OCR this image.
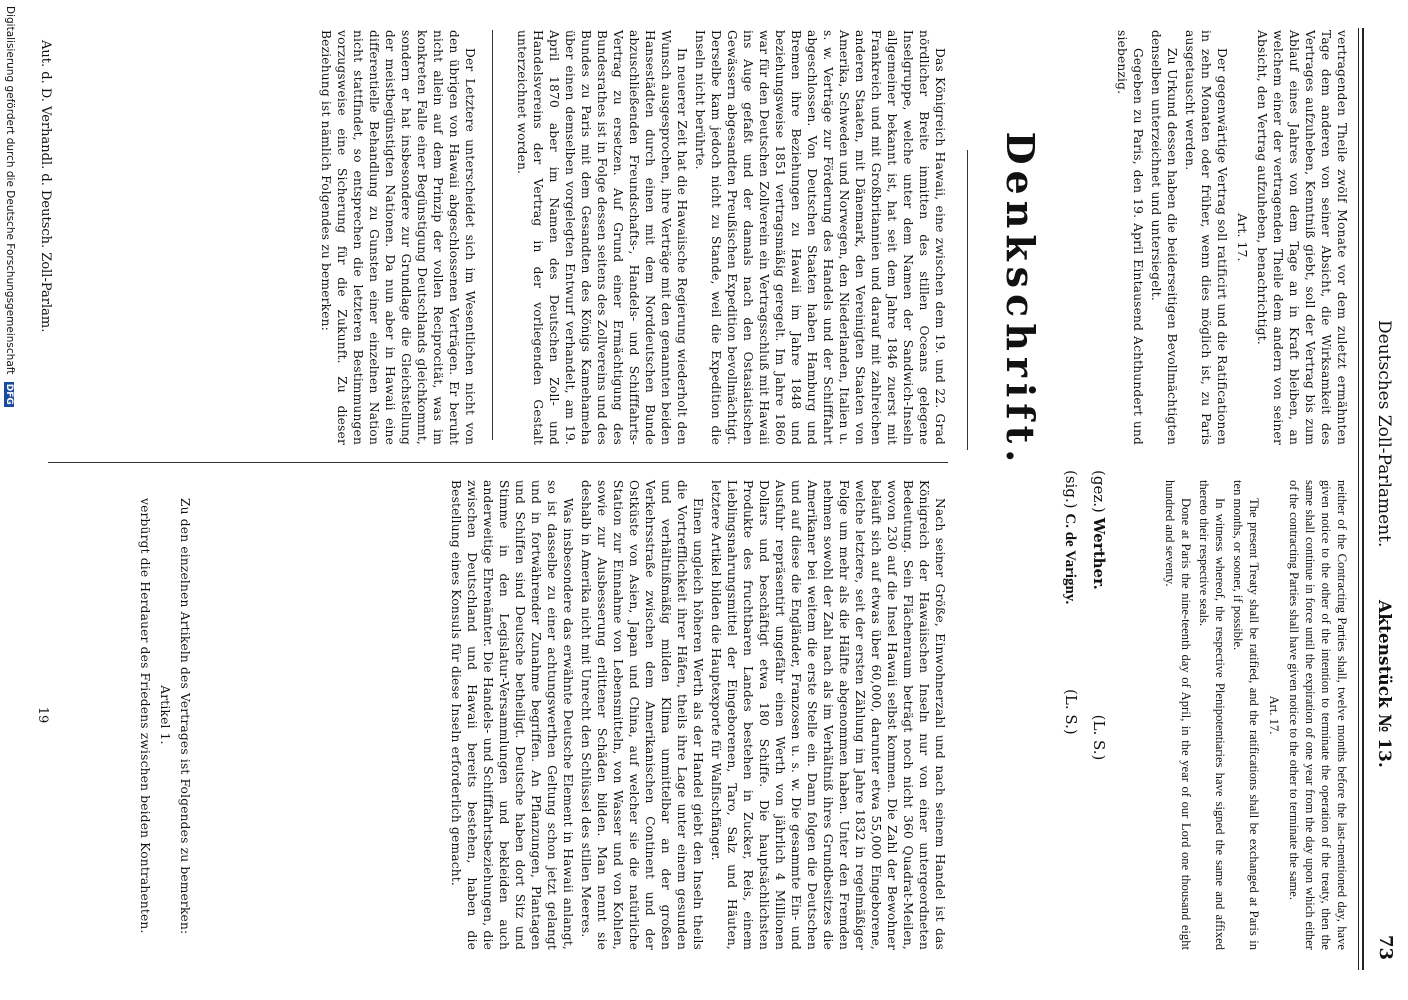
Deutsches Zoll-Parlament.
Aktenstück № 13.
73

vertragenden Theile zwölf Monate vor dem zuletzt ermähnten Tage dem anderen von seiner Absicht, die Wirksamkeit des Vertrages aufzuheben, Kenntniß giebt, soll der Vertrag bis zum Ablauf eines Jahres von dem Tage an in Kraft bleiben, an welchem einer der vertragenden Theile dem andern von seiner Absicht, den Vertrag aufzuheben, benachrichtigt.

Art. 17.

Der gegenwärtige Vertrag soll ratificirt und die Ratificationen in zehn Monaten oder früher, wenn dies möglich ist, zu Paris ausgetauscht werden.

Zu Urkund dessen haben die beiderseitigen Bevollmächtigten denselben unterzeichnet und untersiegelt.

Gegeben zu Paris, den 19. April Eintausend Achthundert und siebenzig.

neither of the Contracting Parties shall, twelve months before the last-mentioned day, have given notice to the other of the intention to terminate the operation of the treaty, then the same shall continue in force until the expiration of one year from the day upon which either of the contracting Parties shall have given notice to the other to terminate the same.

Art. 17.

The present Treaty shall be ratified, and the ratifications shall be exchanged at Paris in ten months, or sooner, if possible.

In witness whereof, the respective Plenipotentiaries have signed the same and affixed thereto their respective seals.

Done at Paris the nine-teenth day of April, in the year of our Lord one thousand eight hundred and seventy.

(gez.) Werther. (L. S.)
(sig.) C. de Varigny. (L. S.)
Denkschrift.

Das Königreich Hawaii, eine zwischen dem 19. und 22. Grad nördlicher Breite inmitten des stillen Oceans gelegene Inselgruppe, welche unter dem Namen der Sandwich-Inseln allgemeiner bekannt ist, hat seit dem Jahre 1846 zuerst mit Frankreich und mit Großbritannien und darauf mit zahlreichen anderen Staaten, mit Dänemark, den Vereinigten Staaten von Amerika, Schweden und Norwegen, den Niederlanden, Italien u. s. w. Verträge zur Förderung des Handels und der Schifffahrt abgeschlossen. Von Deutschen Staaten haben Hamburg und Bremen ihre Beziehungen zu Hawaii im Jahre 1848 und beziehungsweise 1851 vertragsmäßig geregelt. Im Jahre 1860 war für den Deutschen Zollverein ein Vertragsschluß mit Hawaii ins Auge gefaßt und der damals nach den Ostasiatischen Gewässern abgesandten Preußischen Expedition bevollmächtigt. Derselbe kam jedoch nicht zu Stande, weil die Expedition die Inseln nicht berührte.

In neuerer Zeit hat die Hawaiische Regierung wiederholt den Wunsch ausgesprochen, ihre Verträge mit den genannten beiden Hansestädten durch einen mit dem Norddeutschen Bunde abzuschließenden Freundschafts-, Handels- und Schifffahrts-Vertrag zu ersetzen. Auf Grund einer Ermächtigung des Bundesrathes ist in Folge dessen seitens des Zollvereins und des Bundes zu Paris mit dem Gesandten des Königs Kamehameha über einen demselben vorgelegten Entwurf verhandelt, am 19. April 1870 aber im Namen des Deutschen Zoll- und Handelsvereins der Vertrag in der vorliegenden Gestalt unterzeichnet worden.

Der Letztere unterscheidet sich im Wesentlichen nicht von den übrigen von Hawaii abgeschlossenen Verträgen. Er beruht nicht allein auf dem Prinzip der vollen Reciprocität, was im konkreten Falle einer Begünstigung Deutschlands gleichkommt, sondern er hat insbesondere zur Grundlage die Gleichstellung der meistbegünstigten Nationen. Da nun aber in Hawaii eine differentielle Behandlung zu Gunsten einer einzelnen Nation nicht stattfindet, so entsprechen die letzteren Bestimmungen vorzugsweise eine Sicherung für die Zukunft. Zu dieser Beziehung ist nämlich Folgendes zu bemerken:

Aut. d. D. Verhandl. d. Deutsch. Zoll-Parlam.

Nach seiner Größe, Einwohnerzahl und nach seinem Handel ist das Königreich der Hawaiischen Inseln nur von einer untergeordneten Bedeutung. Sein Flächenraum beträgt noch nicht 360 Quadrat-Meilen, wovon 230 auf die Insel Hawaii selbst kommen. Die Zahl der Bewohner beläuft sich auf etwas über 60,000, darunter etwa 55,000 Eingeborene, welche letztere, seit der ersten Zählung im Jahre 1832 in regelmäßiger Folge um mehr als die Hälfte abgenommen haben. Unter den Fremden nehmen sowohl der Zahl nach als im Verhältniß ihres Grundbesitzes die Amerikaner bei weitem die erste Stelle ein. Dann folgen die Deutschen und auf diese die Engländer, Franzosen u. s. w. Die gesammte Ein- und Ausfuhr repräsentirt ungefähr einen Werth von jährlich 4 Millionen Dollars und beschäftigt etwa 180 Schiffe. Die hauptsächlichsten Produkte des fruchtbaren Landes bestehen in Zucker, Reis, einem Lieblingsnahrungsmittel der Eingeborenen, Taro, Salz und Häuten, letztere Artikel bilden die Hauptexporte für Walfischfänger.

Einen ungleich höheren Werth als der Handel giebt den Inseln theils die Vortrefflichkeit ihrer Häfen, theils ihre Lage unter einem gesunden und verhältnißmäßig milden Klima unmittelbar an der großen Verkehrsstraße zwischen dem Amerikanischen Continent und der Ostküste von Asien, Japan und China, auf welcher sie die natürliche Station zur Einnahme von Lebensmitteln, von Wasser und von Kohlen, sowie zur Ausbesserung erlittener Schäden bilden. Man nennt sie deshalb in Amerika nicht mit Unrecht den Schlüssel des stillen Meeres.

Was insbesondere das erwähnte Deutsche Element in Hawaii anlangt, so ist dasselbe zu einer achtungswerthen Geltung schon jetzt gelangt und in fortwährender Zunahme begriffen. An Pflanzungen, Plantagen und Schiffen sind Deutsche betheiligt. Deutsche haben dort Sitz und Stimme in den Legislatur-Versammlungen und bekleiden auch anderweitige Ehrenämter. Die Handels- und Schifffahrtsbeziehungen, die zwischen Deutschland und Hawaii bereits bestehen, haben die Bestellung eines Konsuls für diese Inseln erforderlich gemacht.

Zu den einzelnen Artikeln des Vertrages ist Folgendes zu bemerken:

Artikel 1.

verbürgt die Herdauer des Friedens zwischen beiden Kontrahenten.

19
Digitalisierung gefördert durch die Deutsche Forschungsgemeinschaft DFG
